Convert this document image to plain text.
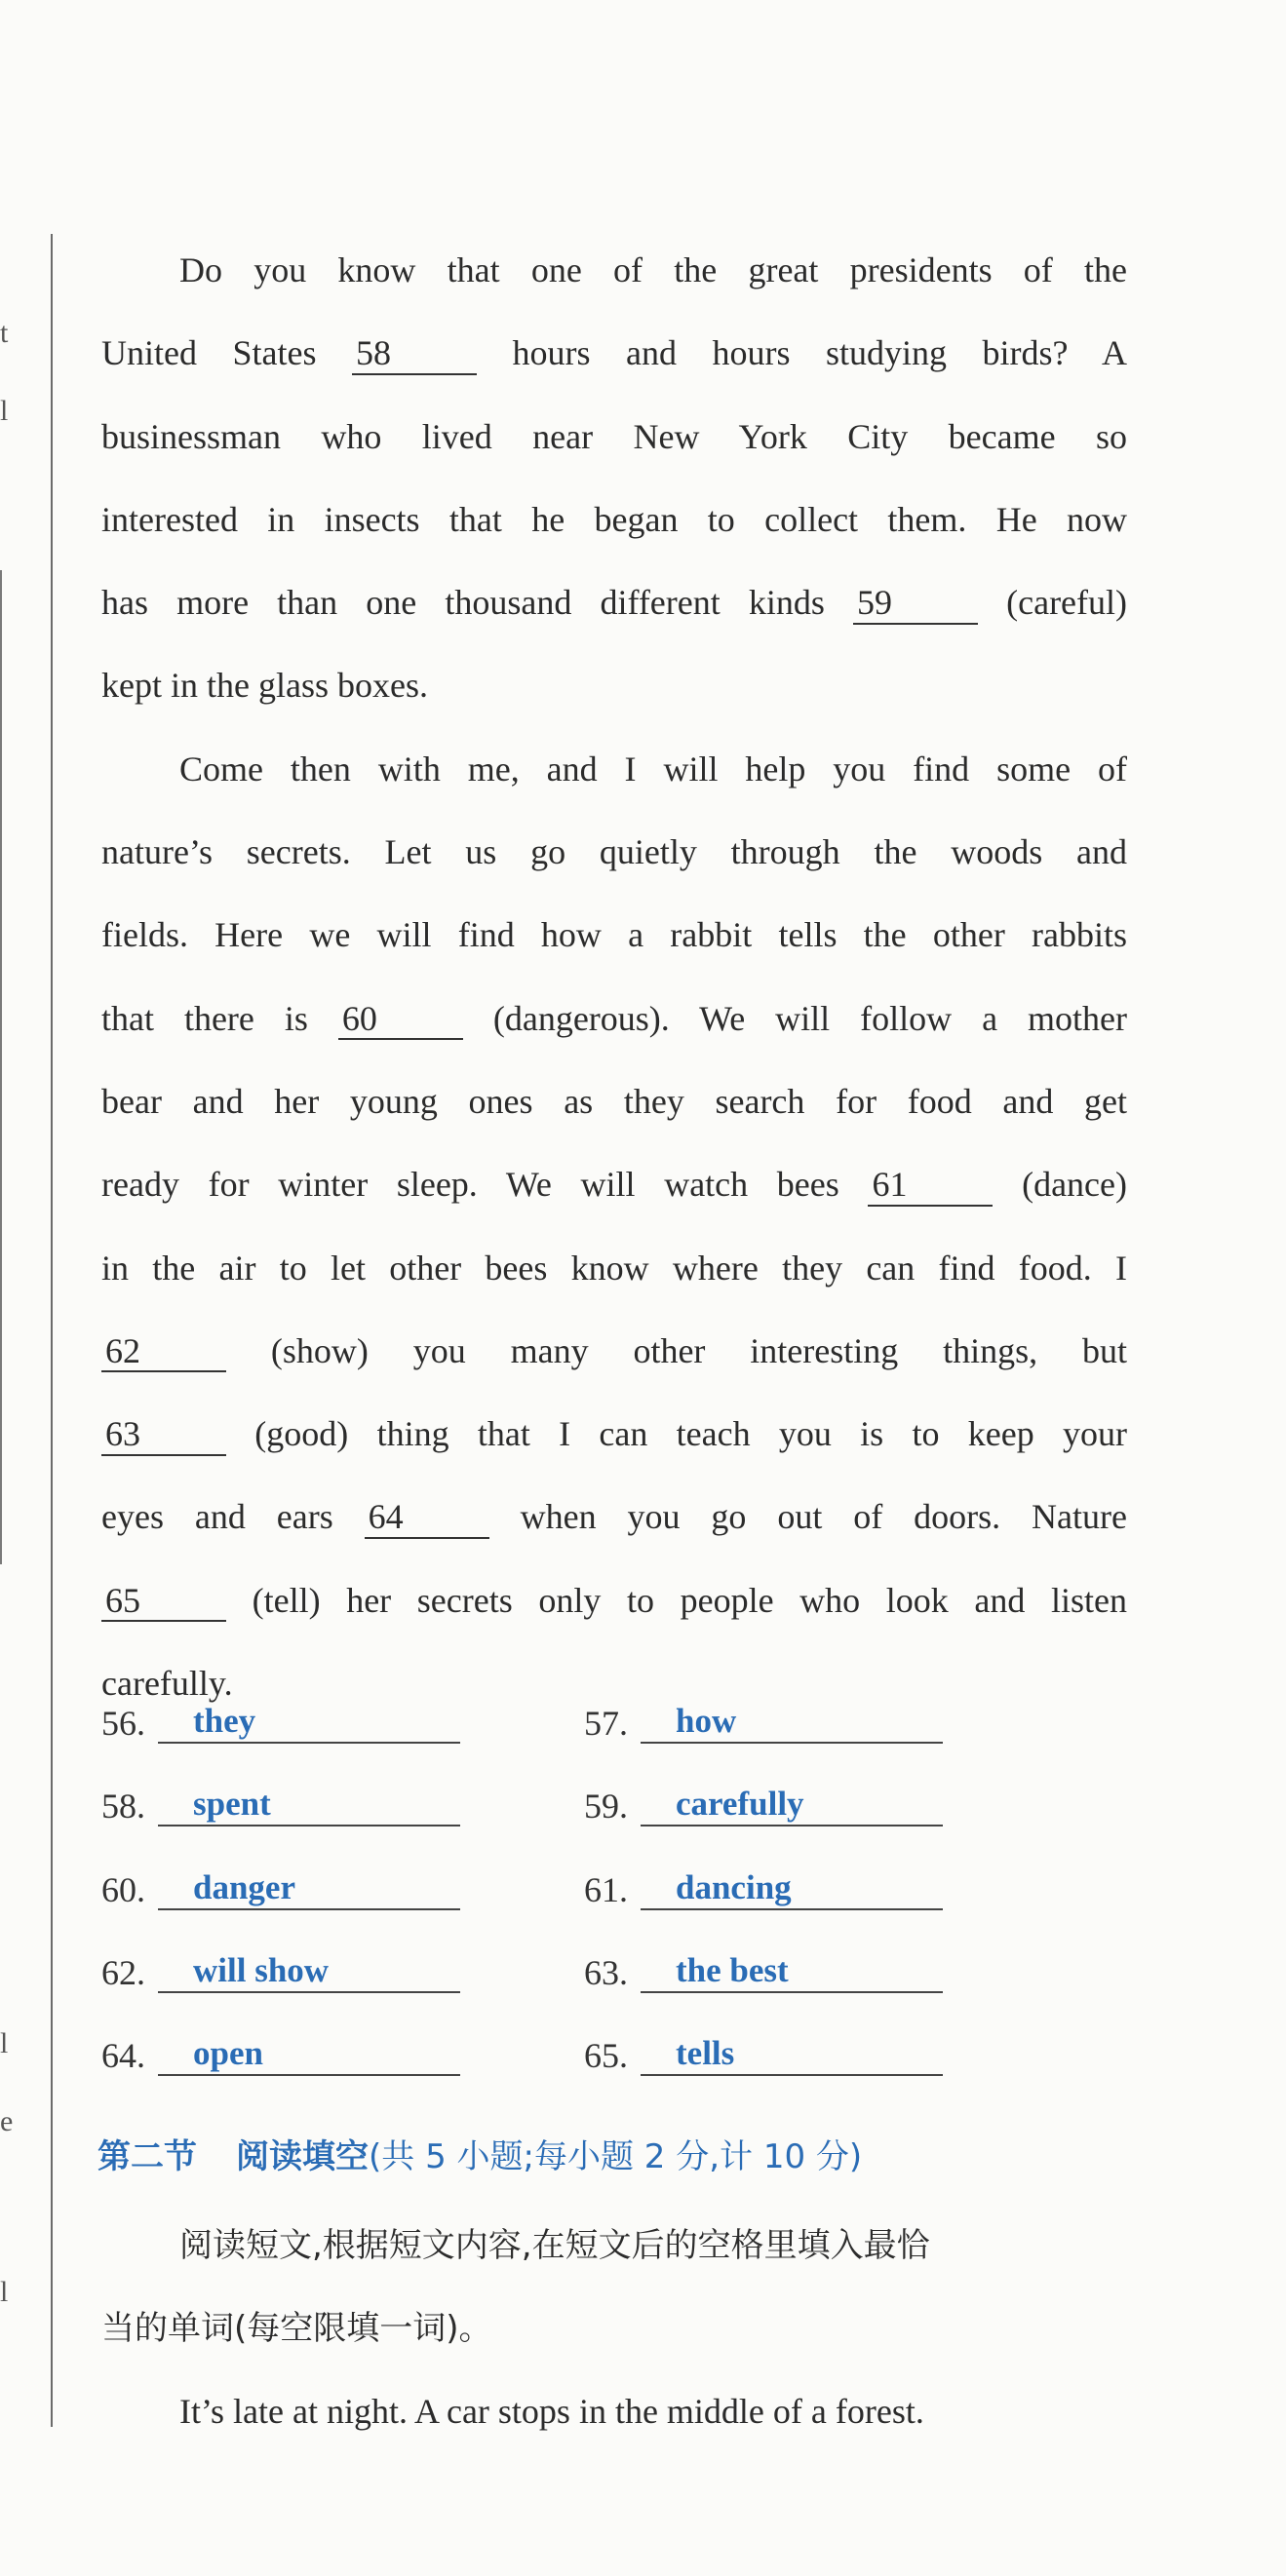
t
l
l
e
l
Do you know that one of the great presidents of the
United States 58	hours and hours studying birds? A
businessman who lived near New York City became so
interested in insects that he began to collect them. He now
has more than one thousand different kinds 59	(careful)
kept in the glass boxes.
Come then with me, and I will help you find some of
nature’s secrets. Let us go quietly through the woods and
fields. Here we will find how a rabbit tells the other rabbits
that there is 60	(dangerous). We will follow a mother
bear and her young ones as they search for food and get
ready for winter sleep. We will watch bees 61	(dance)
in the air to let other bees know where they can find food. I
62	(show) you many other interesting things, but
63	(good) thing that I can teach you is to keep your
eyes and ears 64	when you go out of doors. Nature
65	(tell) her secrets only to people who look and listen
carefully.
56.	they	57.	how
58.	spent	59.	carefully
60.	danger	61.	dancing
62.	will show	63.	the best
64.	open	65.	tells
第二节 阅读填空(共 5 小题;每小题 2 分,计 10 分)
阅读短文,根据短文内容,在短文后的空格里填入最恰
当的单词(每空限填一词)。
It’s late at night. A car stops in the middle of a forest.
